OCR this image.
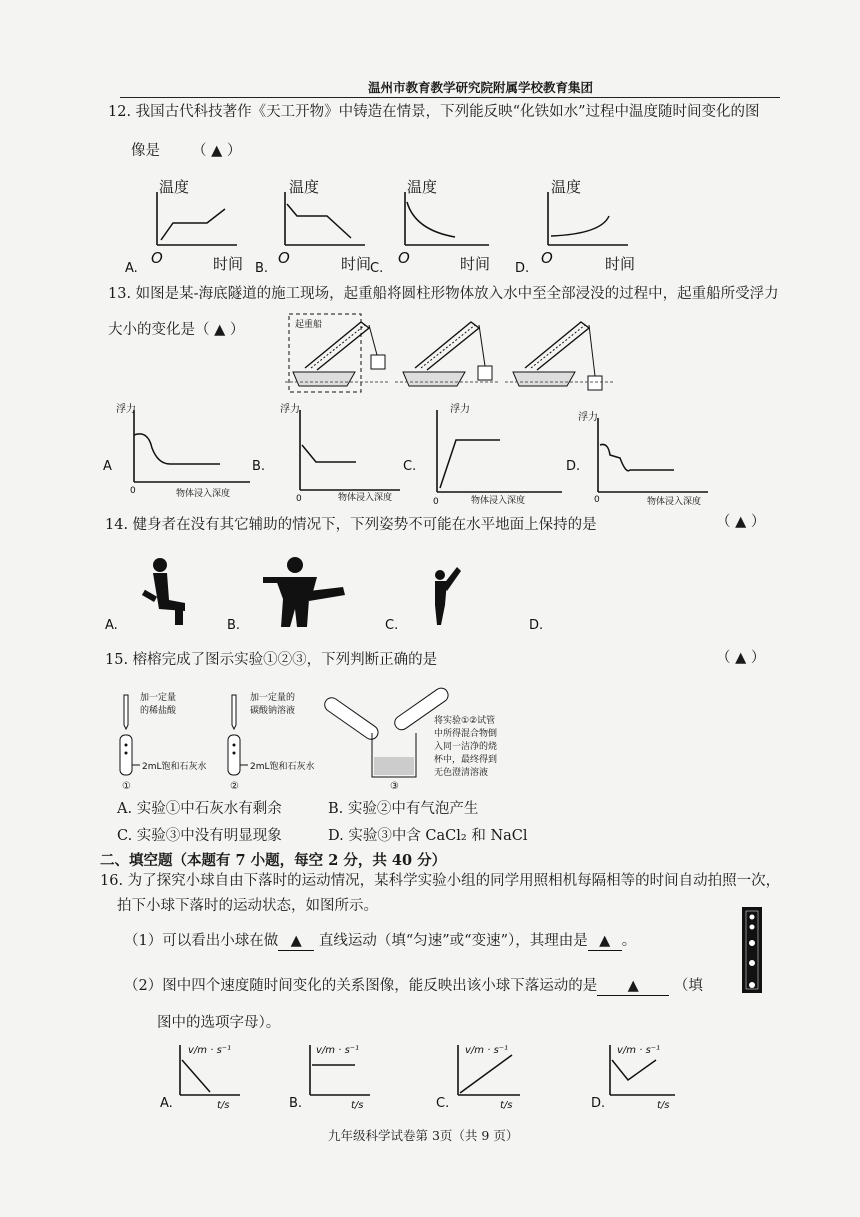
温州市教育教学研究院附属学校教育集团
12. 我国古代科技著作《天工开物》中铸造在情景，下列能反映“化铁如水”过程中温度随时间变化的图
像是 （ ▲ ）
温度
O	时间
A.
温度
O	时间
B.
温度
O	时间
C.
温度
O	时间
D.
13. 如图是某-海底隧道的施工现场，起重船将圆柱形物体放入水中至全部浸没的过程中，起重船所受浮力
大小的变化是（ ▲ ）	起重船
浮力
0	物体浸入深度
A
浮力
0	物体浸入深度
B.
浮力
0	物体浸入深度
C.
浮力
0	物体浸入深度
D.
14. 健身者在没有其它辅助的情况下，下列姿势不可能在水平地面上保持的是	（ ▲ ）
A.	B.	C.	D.
15. 榕榕完成了图示实验①②③，下列判断正确的是	（ ▲ ）
加一定量
的稀盐酸
2mL饱和石灰水
①
加一定量的
碳酸钠溶液
2mL饱和石灰水
②	③
将实验①②试管
中所得混合物倒
入同一洁净的烧
杯中，最终得到
无色澄清溶液
A. 实验①中石灰水有剩余	B. 实验②中有气泡产生
C. 实验③中没有明显现象	D. 实验③中含 CaCl₂ 和 NaCl
二、填空题（本题有 7 小题，每空 2 分，共 40 分）
16. 为了探究小球自由下落时的运动情况，某科学实验小组的同学用照相机每隔相等的时间自动拍照一次，
拍下小球下落时的运动状态，如图所示。
（1）可以看出小球在做 ▲ 直线运动（填“匀速”或“变速”），其理由是 ▲ 。
（2）图中四个速度随时间变化的关系图像，能反映出该小球下落运动的是 ▲ （填
图中的选项字母）。
v/m · s⁻¹
t/s
A.
v/m · s⁻¹
t/s
B.
v/m · s⁻¹
t/s
C.
v/m · s⁻¹
t/s
D.
九年级科学试卷第 3页（共 9 页）
